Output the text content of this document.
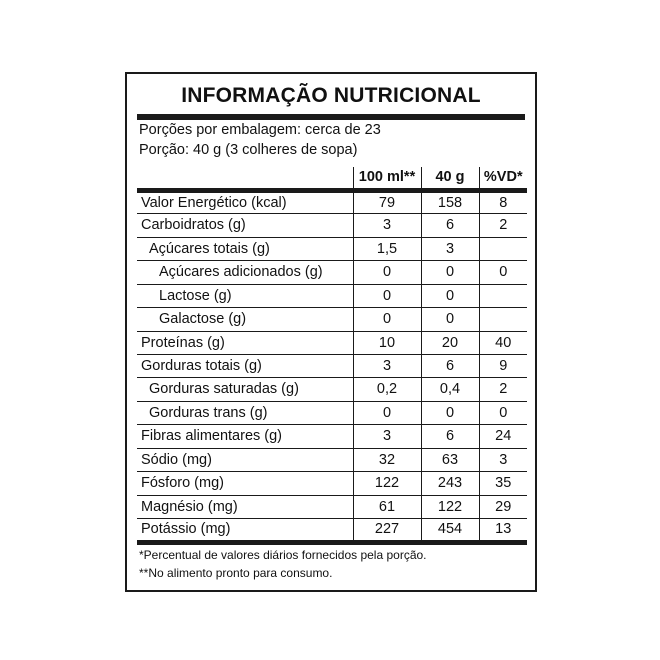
INFORMAÇÃO NUTRICIONAL
Porções por embalagem: cerca de 23
Porção: 40 g (3 colheres de sopa)
	100 ml**	40 g	%VD*
Valor Energético (kcal)	79	158	8
Carboidratos (g)	3	6	2
Açúcares totais (g)	1,5	3	
Açúcares adicionados (g)	0	0	0
Lactose (g)	0	0	
Galactose (g)	0	0	
Proteínas (g)	10	20	40
Gorduras totais (g)	3	6	9
Gorduras saturadas (g)	0,2	0,4	2
Gorduras trans (g)	0	0	0
Fibras alimentares (g)	3	6	24
Sódio (mg)	32	63	3
Fósforo (mg)	122	243	35
Magnésio (mg)	61	122	29
Potássio (mg)	227	454	13
*Percentual de valores diários fornecidos pela porção.
**No alimento pronto para consumo.
